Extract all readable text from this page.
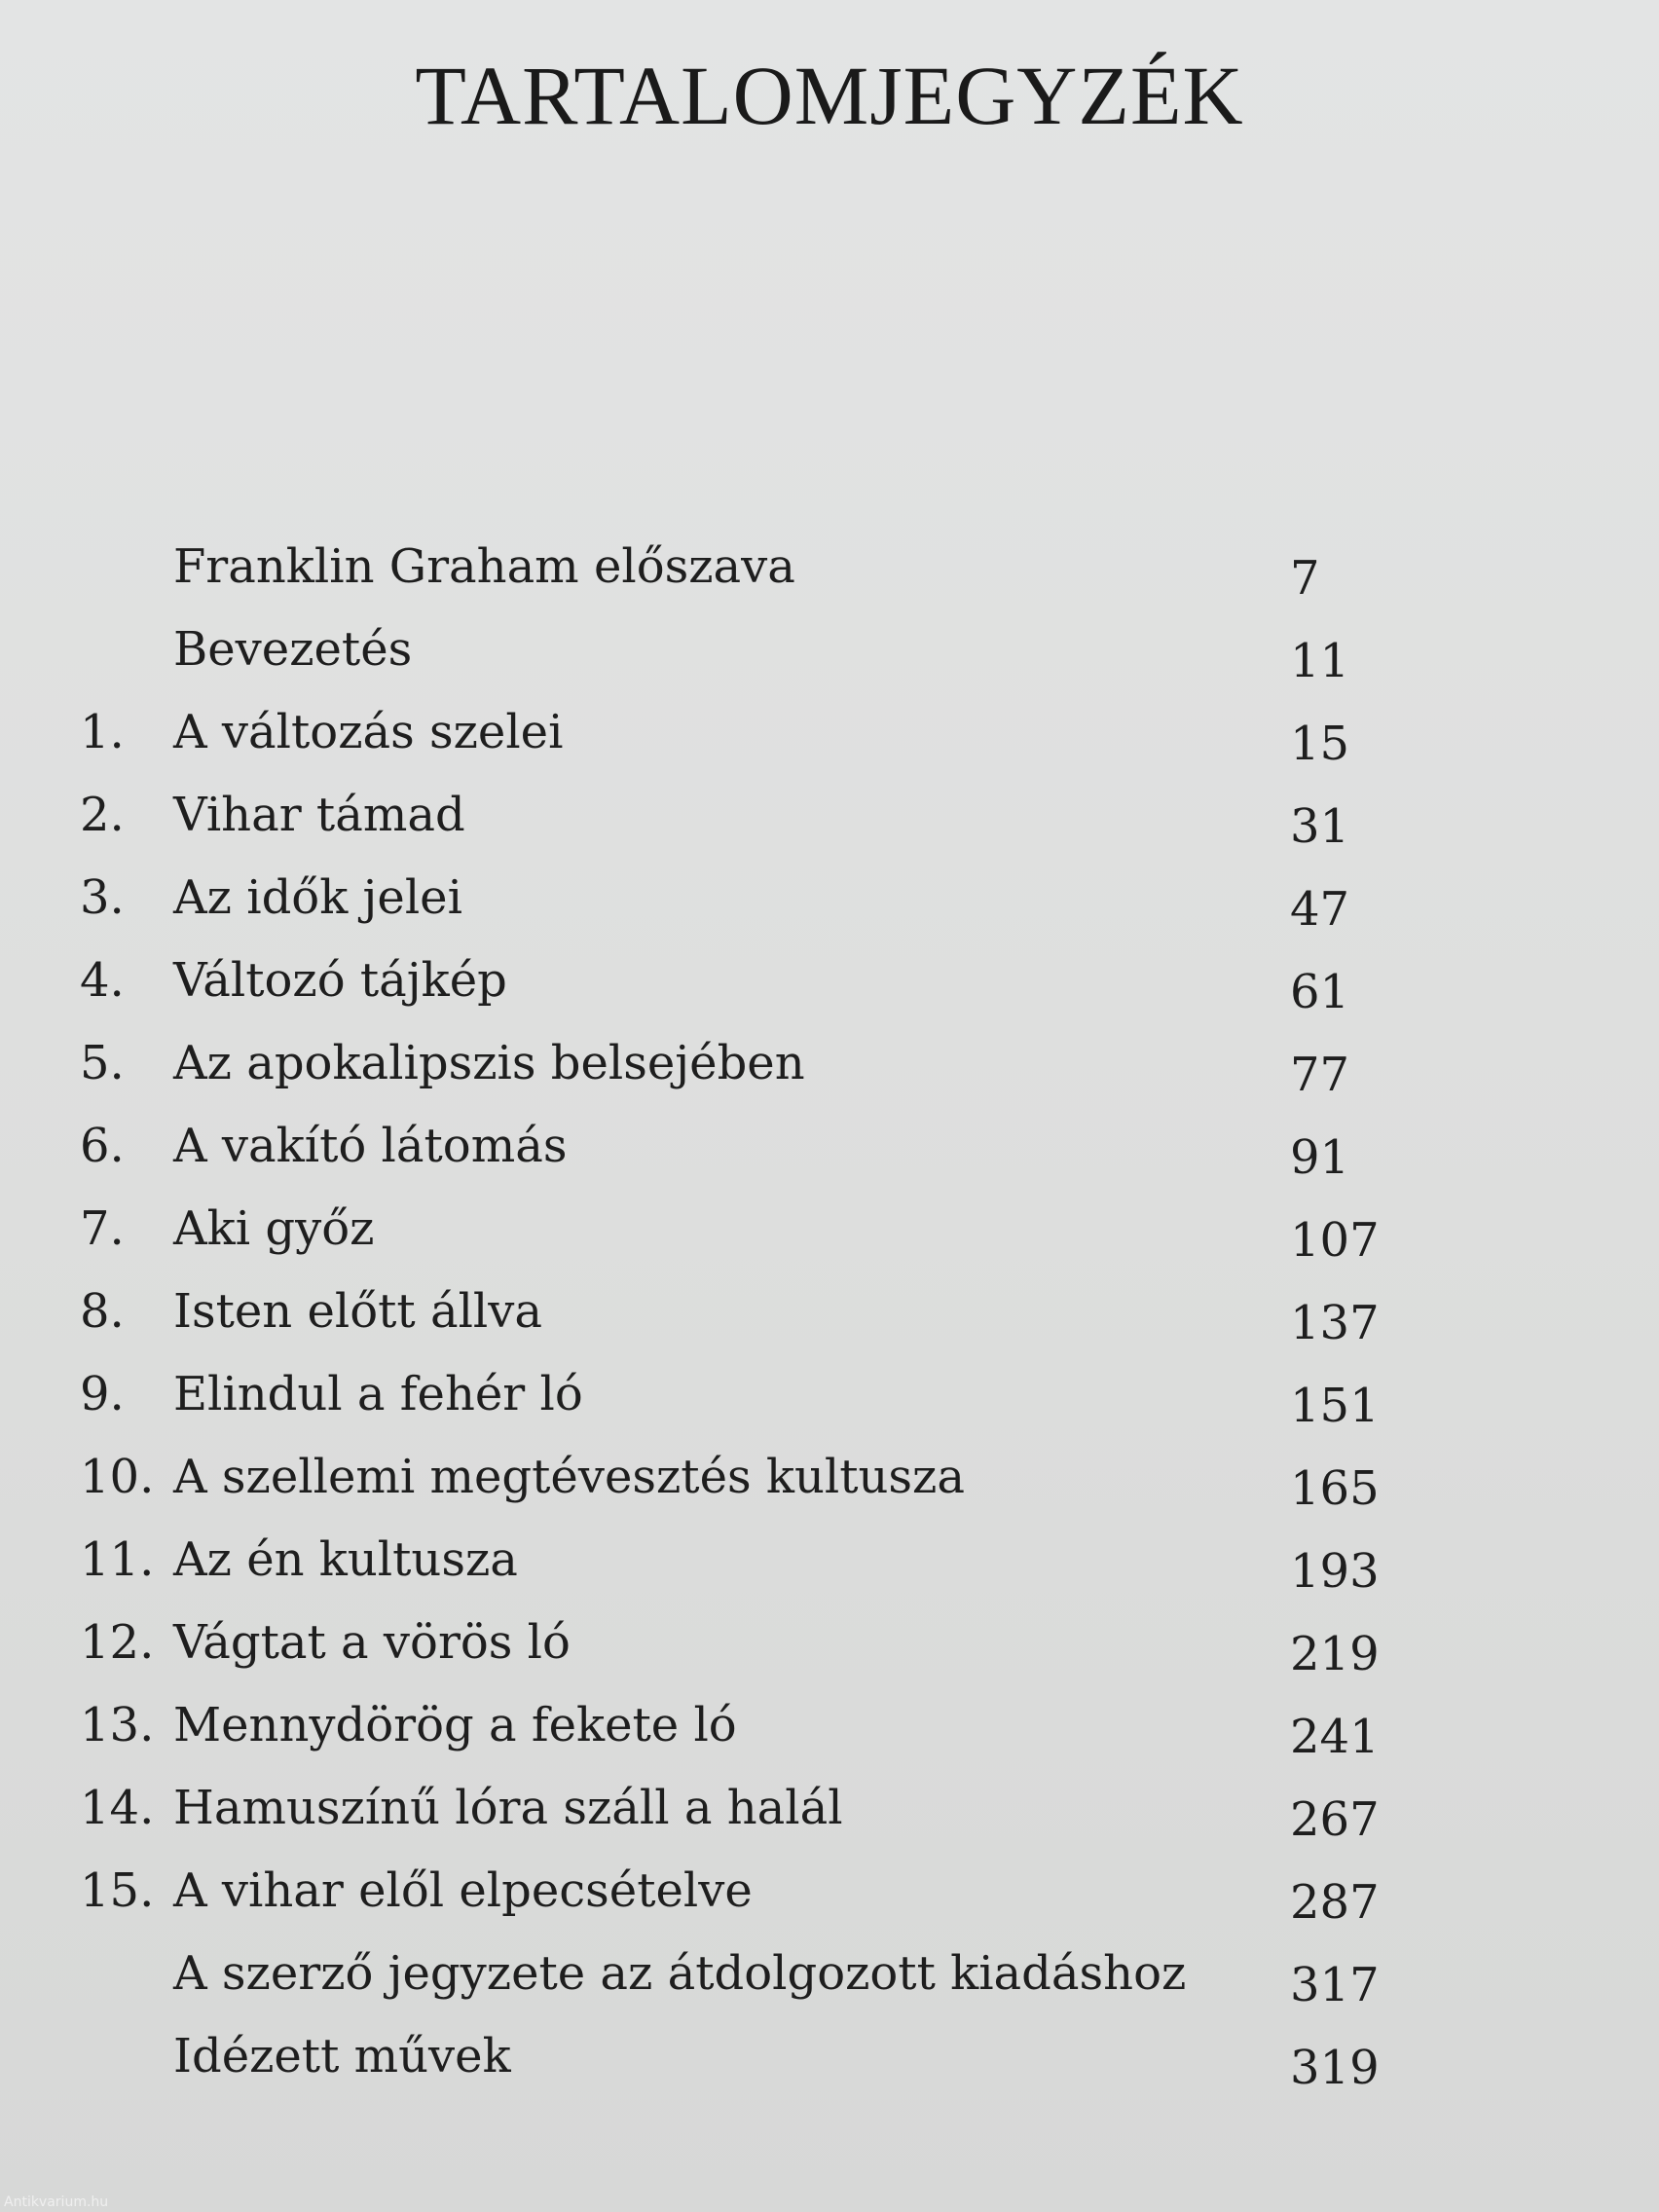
TARTALOMJEGYZÉK
Franklin Graham előszava	7
Bevezetés	11
1. A változás szelei	15
2. Vihar támad	31
3. Az idők jelei	47
4. Változó tájkép	61
5. Az apokalipszis belsejében	77
6. A vakító látomás	91
7. Aki győz	107
8. Isten előtt állva	137
9. Elindul a fehér ló	151
10. A szellemi megtévesztés kultusza	165
11. Az én kultusza	193
12. Vágtat a vörös ló	219
13. Mennydörög a fekete ló	241
14. Hamuszínű lóra száll a halál	267
15. A vihar elől elpecsételve	287
A szerző jegyzete az átdolgozott kiadáshoz 317
Idézett művek	319
Antikvarium.hu
